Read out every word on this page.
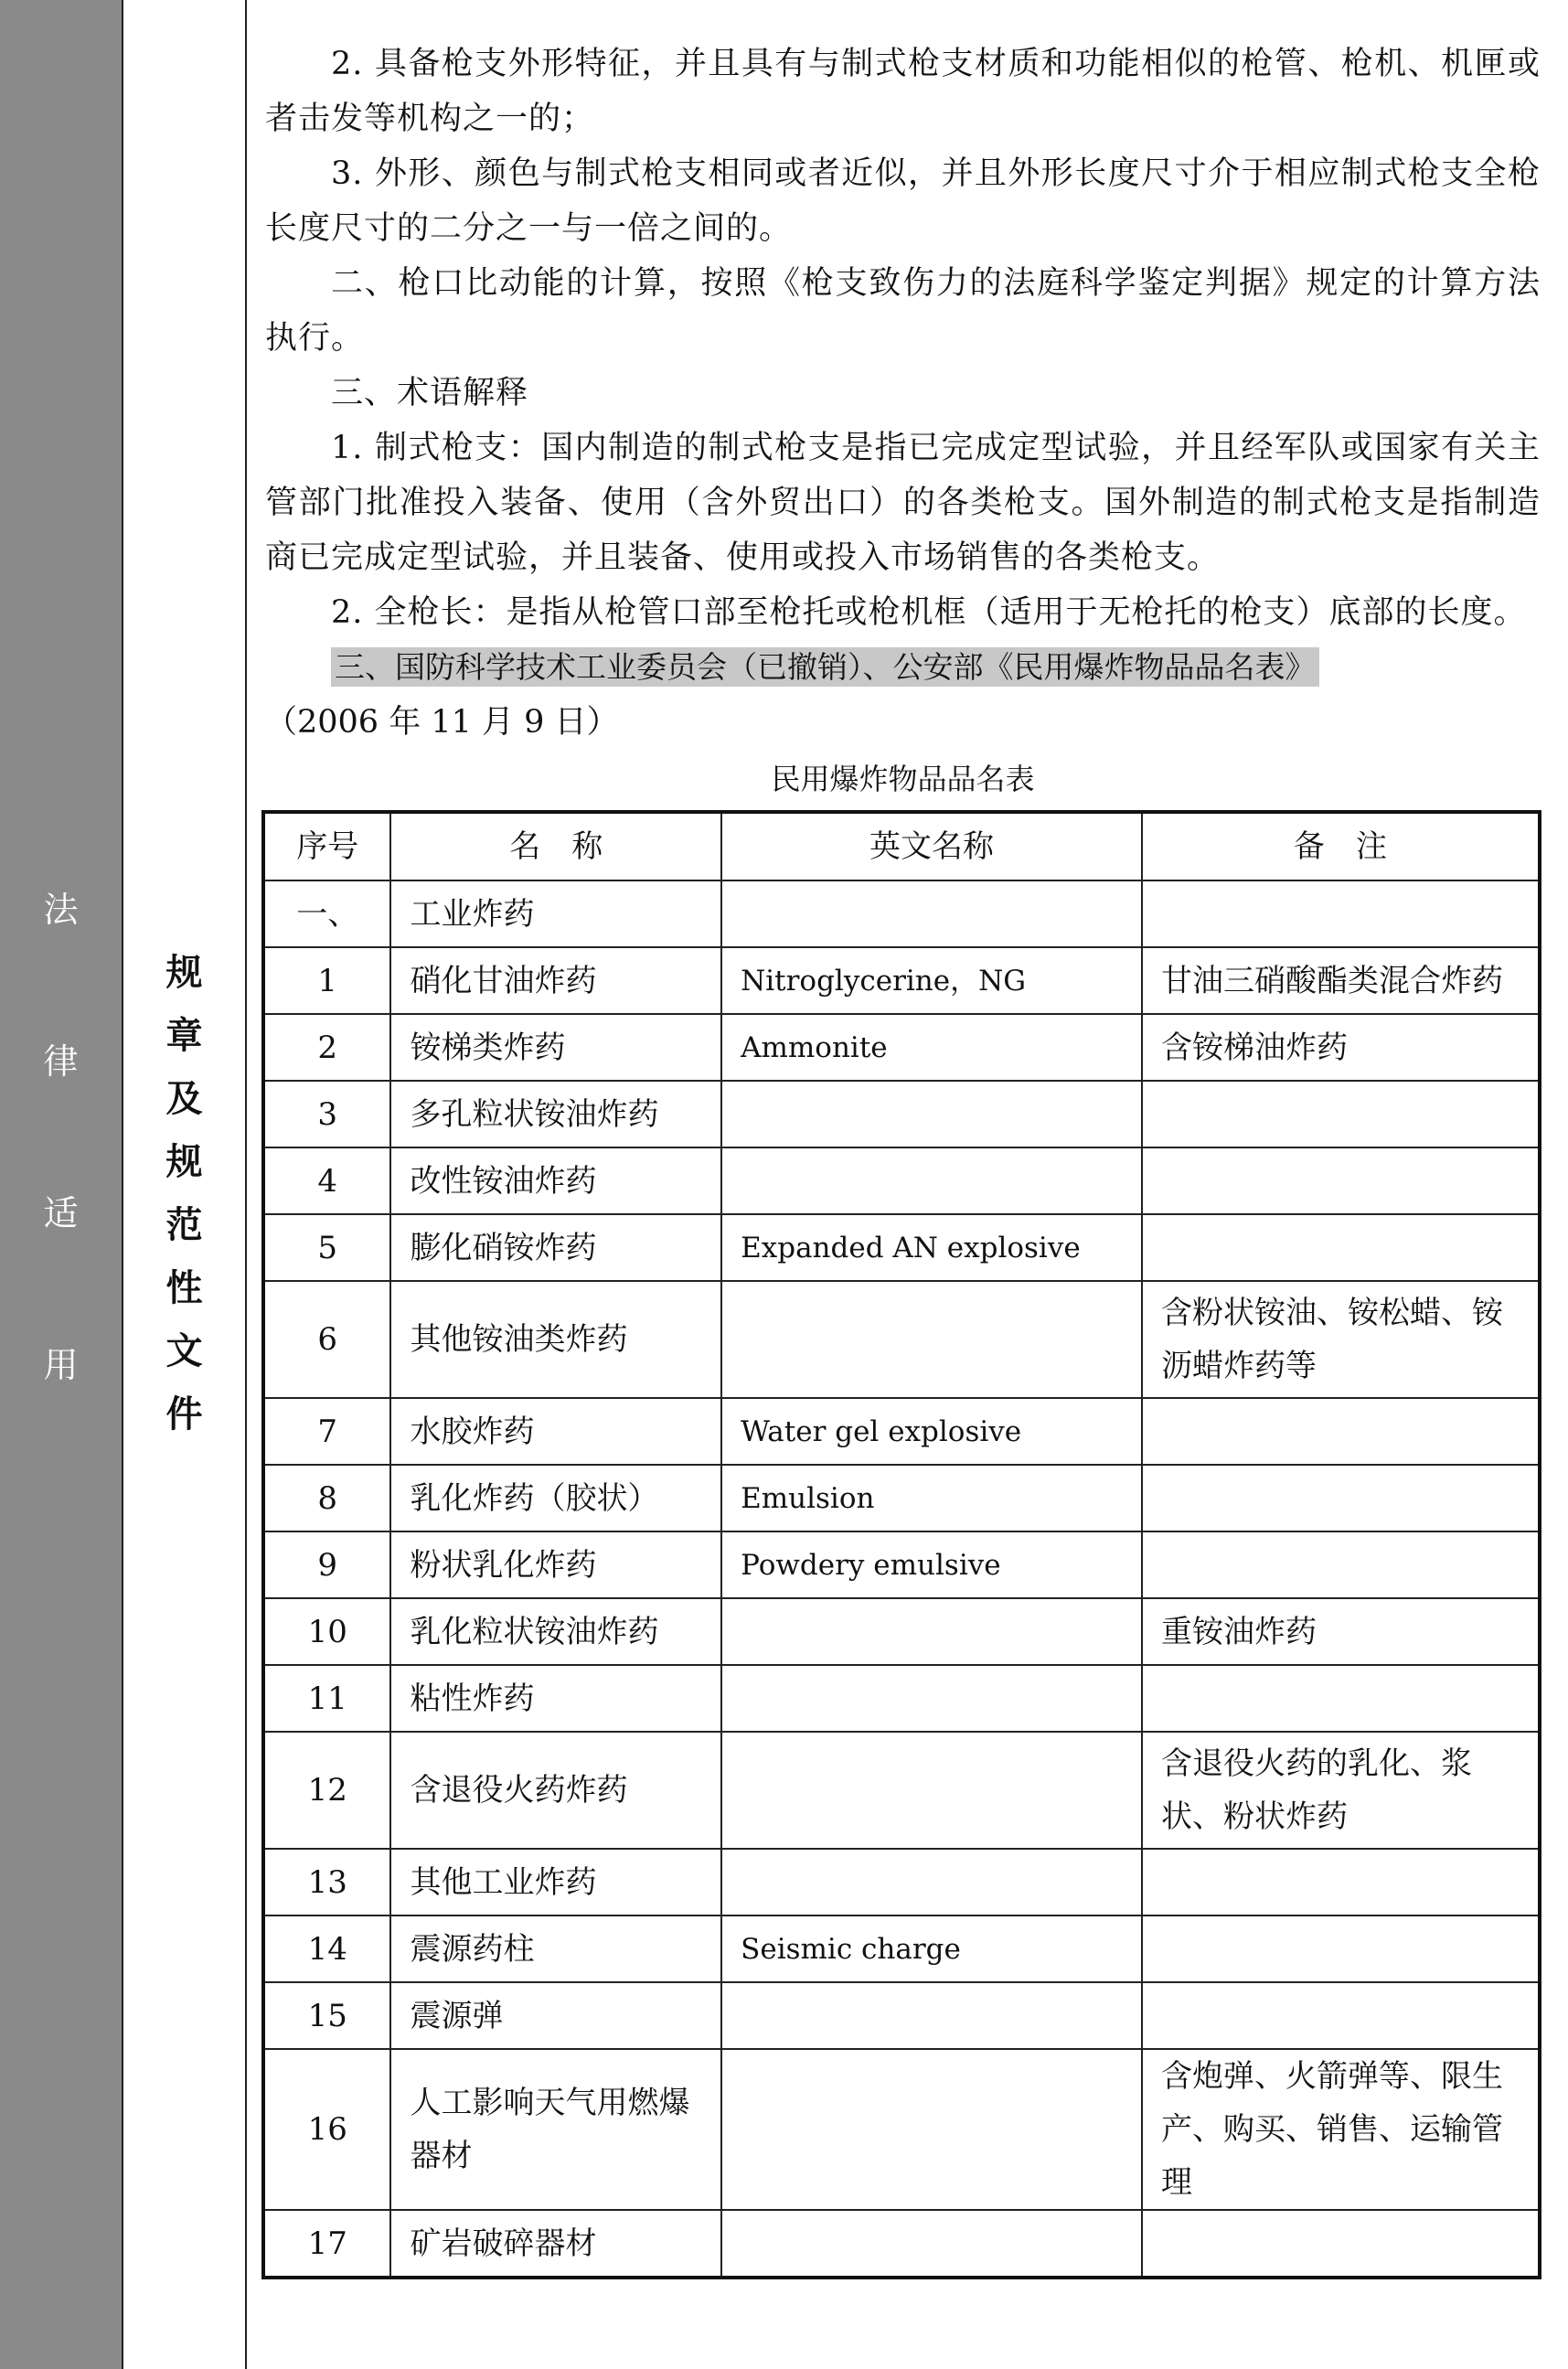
法
律
适
用
规
章
及
规
范
性
文
件

2. 具备枪支外形特征，并且具有与制式枪支材质和功能相似的枪管、枪机、机匣或者击发等机构之一的；

3. 外形、颜色与制式枪支相同或者近似，并且外形长度尺寸介于相应制式枪支全枪长度尺寸的二分之一与一倍之间的。

二、枪口比动能的计算，按照《枪支致伤力的法庭科学鉴定判据》规定的计算方法执行。

三、术语解释

1. 制式枪支：国内制造的制式枪支是指已完成定型试验，并且经军队或国家有关主管部门批准投入装备、使用（含外贸出口）的各类枪支。国外制造的制式枪支是指制造商已完成定型试验，并且装备、使用或投入市场销售的各类枪支。

2. 全枪长：是指从枪管口部至枪托或枪机框（适用于无枪托的枪支）底部的长度。

三、国防科学技术工业委员会（已撤销）、公安部《民用爆炸物品品名表》

（2006 年 11 月 9 日）

民用爆炸物品品名表

序号	名　称	英文名称	备　注
一、	工业炸药		
1	硝化甘油炸药	Nitroglycerine，NG	甘油三硝酸酯类混合炸药
2	铵梯类炸药	Ammonite	含铵梯油炸药
3	多孔粒状铵油炸药		
4	改性铵油炸药		
5	膨化硝铵炸药	Expanded AN explosive	
6	其他铵油类炸药		含粉状铵油、铵松蜡、铵沥蜡炸药等
7	水胶炸药	Water gel explosive	
8	乳化炸药（胶状）	Emulsion	
9	粉状乳化炸药	Powdery emulsive	
10	乳化粒状铵油炸药		重铵油炸药
11	粘性炸药		
12	含退役火药炸药		含退役火药的乳化、浆状、粉状炸药
13	其他工业炸药		
14	震源药柱	Seismic charge	
15	震源弹		
16	人工影响天气用燃爆器材		含炮弹、火箭弹等、限生产、购买、销售、运输管理
17	矿岩破碎器材		
